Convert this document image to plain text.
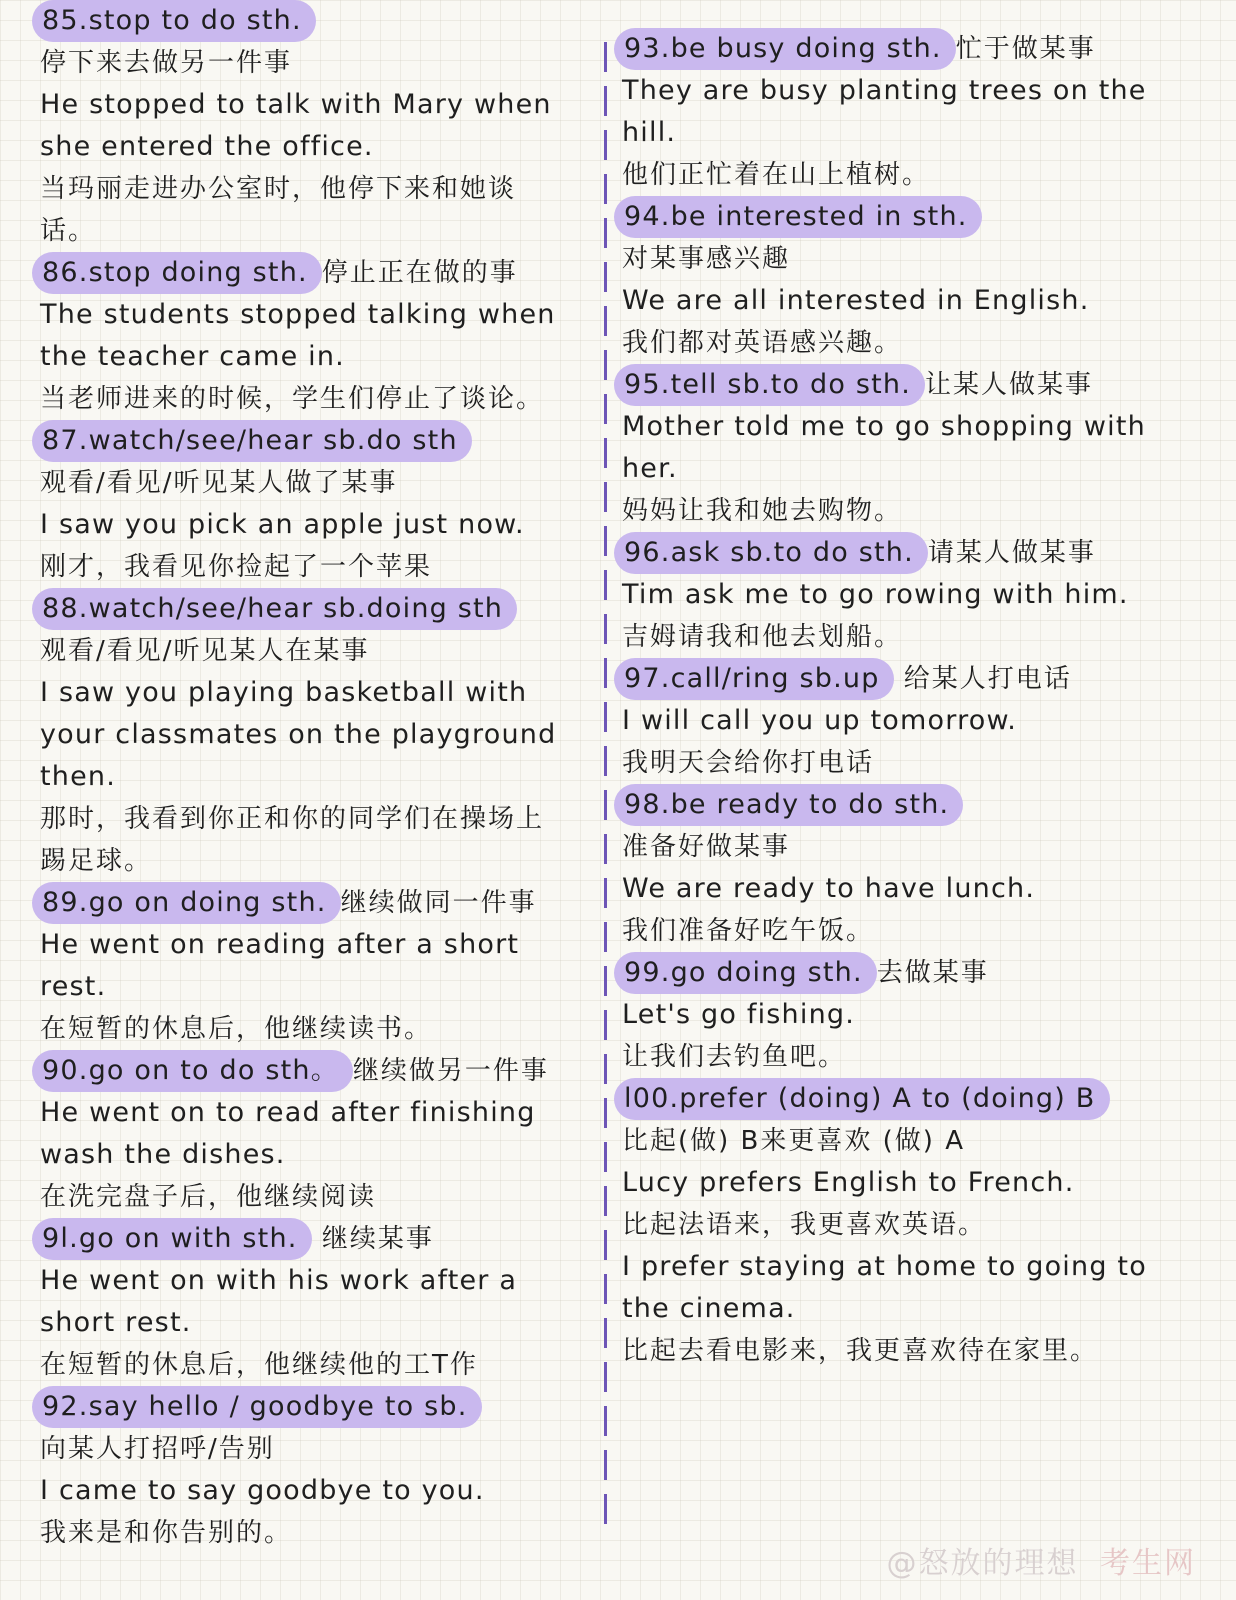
85.stop to do sth.
停下来去做另一件事
He stopped to talk with Mary when
she entered the office.
当玛丽走进办公室时，他停下来和她谈
话。
86.stop doing sth. 停止正在做的事
The students stopped talking when
the teacher came in.
当老师进来的时候，学生们停止了谈论。
87.watch/see/hear sb.do sth
观看/看见/听见某人做了某事
I saw you pick an apple just now.
刚才，我看见你捡起了一个苹果
88.watch/see/hear sb.doing sth
观看/看见/听见某人在某事
I saw you playing basketball with
your classmates on the playground
then.
那时，我看到你正和你的同学们在操场上
踢足球。
89.go on doing sth. 继续做同一件事
He went on reading after a short
rest.
在短暂的休息后，他继续读书。
90.go on to do sth。 继续做另一件事
He went on to read after finishing
wash the dishes.
在洗完盘子后，他继续阅读
9l.go on with sth. 继续某事
He went on with his work after a
short rest.
在短暂的休息后，他继续他的工T作
92.say hello / goodbye to sb.
向某人打招呼/告别
I came to say goodbye to you.
我来是和你告别的。
93.be busy doing sth. 忙于做某事
They are busy planting trees on the
hill.
他们正忙着在山上植树。
94.be interested in sth.
对某事感兴趣
We are all interested in English.
我们都对英语感兴趣。
95.tell sb.to do sth. 让某人做某事
Mother told me to go shopping with
her.
妈妈让我和她去购物。
96.ask sb.to do sth. 请某人做某事
Tim ask me to go rowing with him.
吉姆请我和他去划船。
97.call/ring sb.up 给某人打电话
I will call you up tomorrow.
我明天会给你打电话
98.be ready to do sth.
准备好做某事
We are ready to have lunch.
我们准备好吃午饭。
99.go doing sth. 去做某事
Let's go fishing.
让我们去钓鱼吧。
l00.prefer (doing) A to (doing) B
比起(做) B来更喜欢 (做) A
Lucy prefers English to French.
比起法语来，我更喜欢英语。
I prefer staying at home to going to
the cinema.
比起去看电影来，我更喜欢待在家里。
@怒放的理想 考生网
